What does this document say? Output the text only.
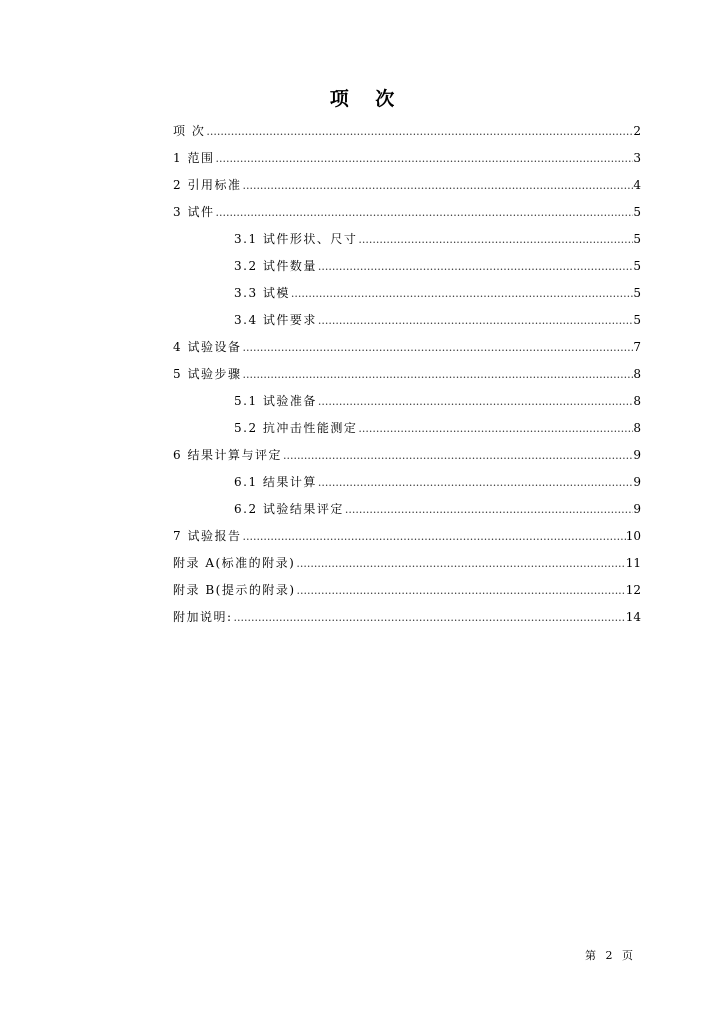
项 次
项 次 .....	2
1 范围 .....	3
2 引用标准 .....	4
3 试件 .....	5
3.1 试件形状、尺寸 .....	5
3.2 试件数量 .....	5
3.3 试模 .....	5
3.4 试件要求 .....	5
4 试验设备 .....	7
5 试验步骤 .....	8
5.1 试验准备 .....	8
5.2 抗冲击性能测定 .....	8
6 结果计算与评定 .....	9
6.1 结果计算 .....	9
6.2 试验结果评定 .....	9
7 试验报告 .....	10
附录 A(标准的附录) .....	11
附录 B(提示的附录) .....	12
附加说明: .....	14
第 2 页
